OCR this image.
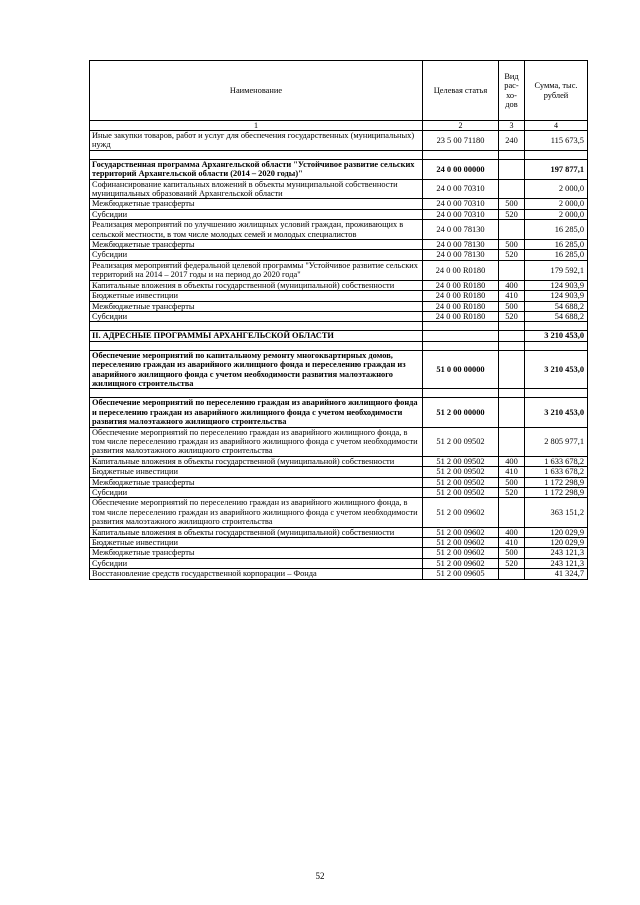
Наименование	Целевая статья	Вид рас-хо-дов	Сумма, тыс. рублей
1	2	3	4
Иные закупки товаров, работ и услуг для обеспечения государственных (муниципальных) нужд	23 5 00 71180	240	115 673,5

Государственная программа Архангельской области "Устойчивое развитие сельских территорий Архангельской области (2014 – 2020 годы)"	24 0 00 00000		197 877,1
Софинансирование капитальных вложений в объекты муниципальной собственности муниципальных образований Архангельской области	24 0 00 70310		2 000,0
Межбюджетные трансферты	24 0 00 70310	500	2 000,0
Субсидии	24 0 00 70310	520	2 000,0
Реализация мероприятий по улучшению жилищных условий граждан, проживающих в сельской местности, в том числе молодых семей и молодых специалистов	24 0 00 78130		16 285,0
Межбюджетные трансферты	24 0 00 78130	500	16 285,0
Субсидии	24 0 00 78130	520	16 285,0
Реализация мероприятий федеральной целевой программы "Устойчивое развитие сельских территорий на 2014 – 2017 годы и на период до 2020 года"	24 0 00 R0180		179 592,1
Капитальные вложения в объекты государственной (муниципальной) собственности	24 0 00 R0180	400	124 903,9
Бюджетные инвестиции	24 0 00 R0180	410	124 903,9
Межбюджетные трансферты	24 0 00 R0180	500	54 688,2
Субсидии	24 0 00 R0180	520	54 688,2

II. АДРЕСНЫЕ ПРОГРАММЫ АРХАНГЕЛЬСКОЙ ОБЛАСТИ			3 210 453,0

Обеспечение мероприятий по капитальному ремонту многоквартирных домов, переселению граждан из аварийного жилищного фонда и переселению граждан из аварийного жилищного фонда с учетом необходимости развития малоэтажного жилищного строительства	51 0 00 00000		3 210 453,0

Обеспечение мероприятий по переселению граждан из аварийного жилищного фонда и переселению граждан из аварийного жилищного фонда с учетом необходимости развития малоэтажного жилищного строительства	51 2 00 00000		3 210 453,0
Обеспечение мероприятий по переселению граждан из аварийного жилищного фонда, в том числе переселению граждан из аварийного жилищного фонда с учетом необходимости развития малоэтажного жилищного строительства	51 2 00 09502		2 805 977,1
Капитальные вложения в объекты государственной (муниципальной) собственности	51 2 00 09502	400	1 633 678,2
Бюджетные инвестиции	51 2 00 09502	410	1 633 678,2
Межбюджетные трансферты	51 2 00 09502	500	1 172 298,9
Субсидии	51 2 00 09502	520	1 172 298,9
Обеспечение мероприятий по переселению граждан из аварийного жилищного фонда, в том числе переселению граждан из аварийного жилищного фонда с учетом необходимости развития малоэтажного жилищного строительства	51 2 00 09602		363 151,2
Капитальные вложения в объекты государственной (муниципальной) собственности	51 2 00 09602	400	120 029,9
Бюджетные инвестиции	51 2 00 09602	410	120 029,9
Межбюджетные трансферты	51 2 00 09602	500	243 121,3
Субсидии	51 2 00 09602	520	243 121,3
Восстановление средств государственной корпорации – Фонда	51 2 00 09605		41 324,7
52
